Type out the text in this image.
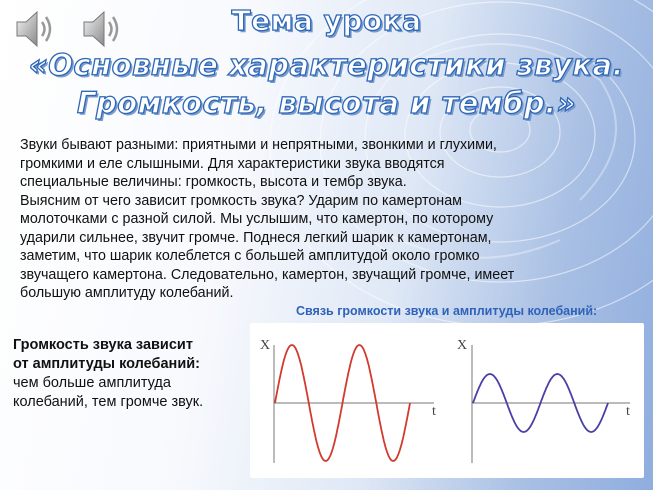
Тема урока
«Основные характеристики звука.
Громкость, высота и тембр.»

Звуки бывают разными: приятными и непрятными, звонкими и глухими,
громкими и еле слышными. Для характеристики звука вводятся
специальные величины: громкость, высота и тембр звука.
Выясним от чего зависит громкость звука? Ударим по камертонам
молоточками с разной силой. Мы услышим, что камертон, по которому
ударили сильнее, звучит громче. Поднеся легкий шарик к камертонам,
заметим, что шарик колеблется с большей амплитудой около громко
звучащего камертона. Следовательно, камертон, звучащий громче, имеет
большую амплитуду колебаний.

Связь громкости звука и амплитуды колебаний:

Громкость звука зависит
от амплитуды колебаний:
чем больше амплитуда
колебаний, тем громче звук.

X
t
X
t
